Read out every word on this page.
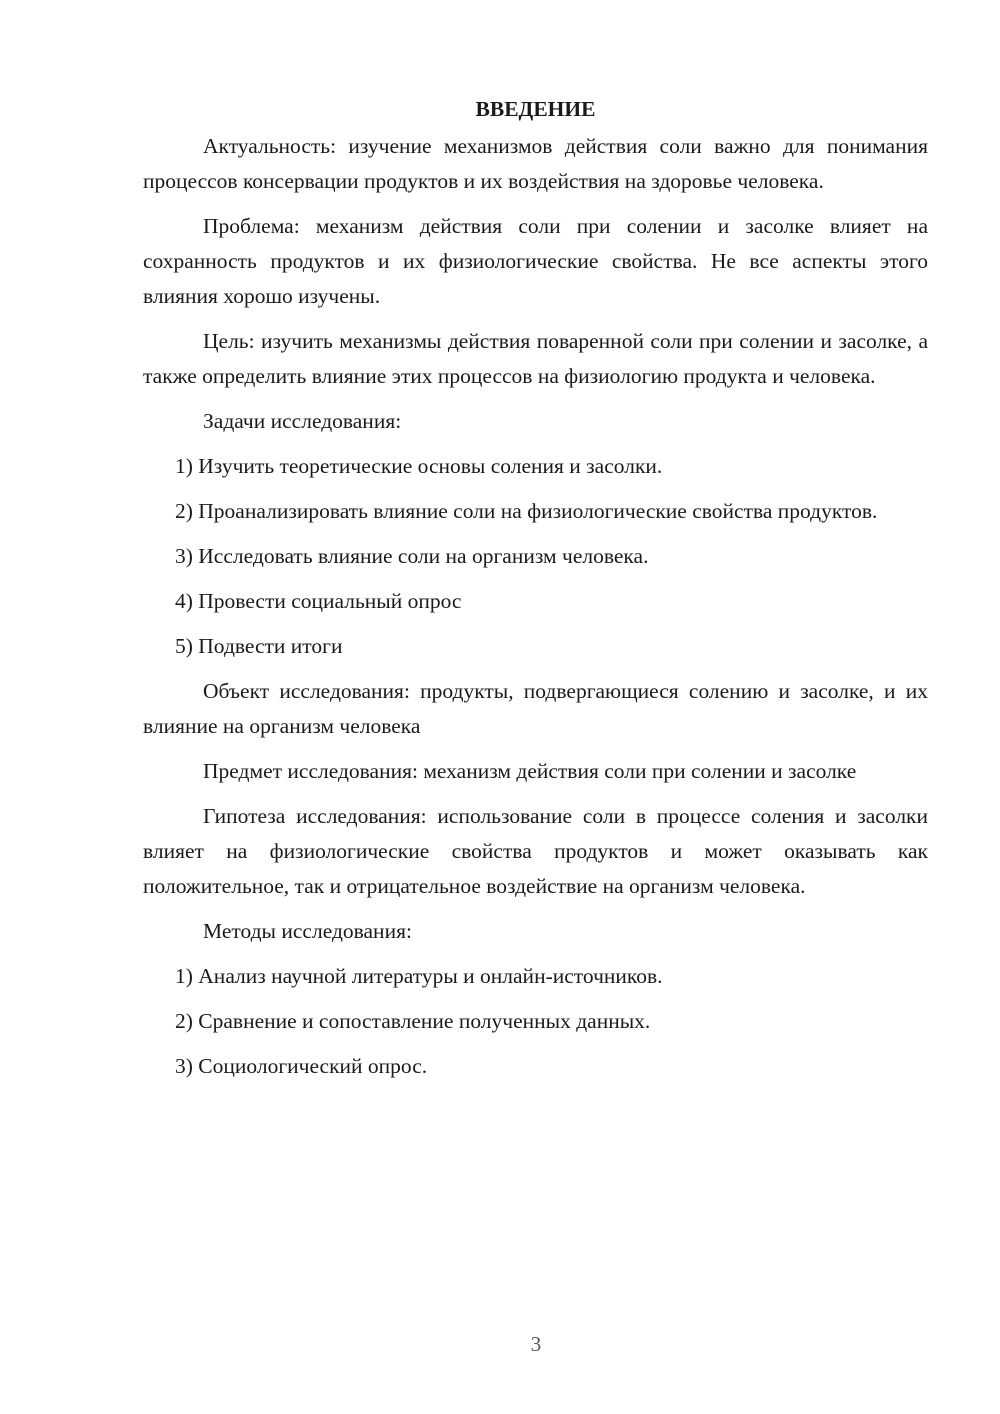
ВВЕДЕНИЕ

Актуальность: изучение механизмов действия соли важно для понимания процессов консервации продуктов и их воздействия на здоровье человека.

Проблема: механизм действия соли при солении и засолке влияет на сохранность продуктов и их физиологические свойства. Не все аспекты этого влияния хорошо изучены.

Цель: изучить механизмы действия поваренной соли при солении и засолке, а также определить влияние этих процессов на физиологию продукта и человека.

Задачи исследования:

1) Изучить теоретические основы соления и засолки.

2) Проанализировать влияние соли на физиологические свойства продуктов.

3) Исследовать влияние соли на организм человека.

4) Провести социальный опрос

5) Подвести итоги

Объект исследования: продукты, подвергающиеся солению и засолке, и их влияние на организм человека

Предмет исследования: механизм действия соли при солении и засолке

Гипотеза исследования: использование соли в процессе соления и засолки влияет на физиологические свойства продуктов и может оказывать как положительное, так и отрицательное воздействие на организм человека.

Методы исследования:

1) Анализ научной литературы и онлайн-источников.

2) Сравнение и сопоставление полученных данных.

3) Социологический опрос.

3
